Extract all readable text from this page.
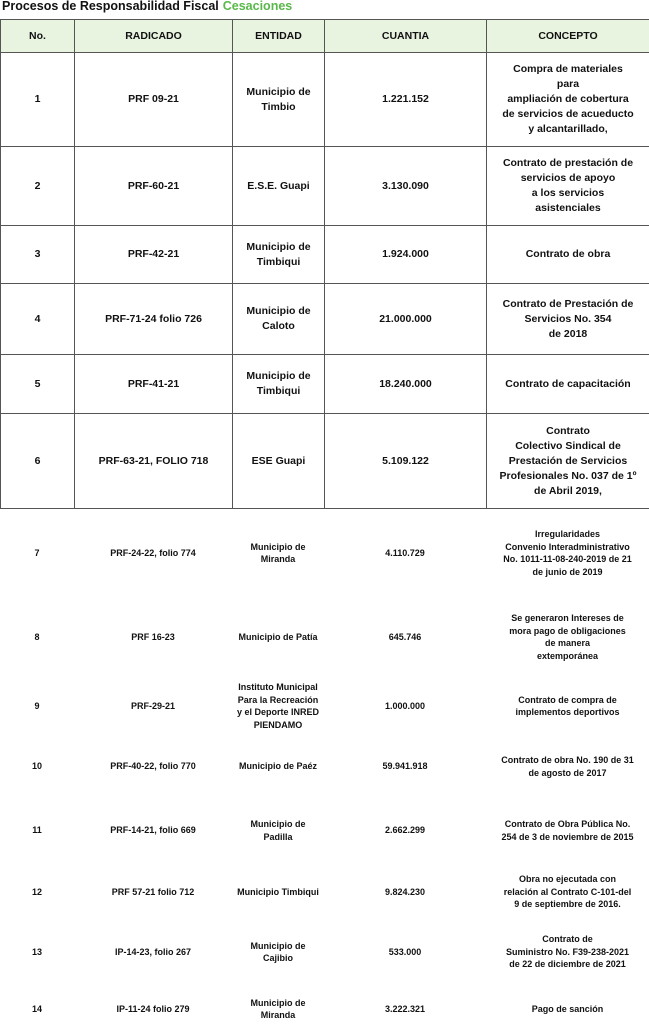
Procesos de Responsabilidad Fiscal Cesaciones
No.	RADICADO	ENTIDAD	CUANTIA	CONCEPTO
1	PRF 09-21	Municipio de Timbio	1.221.152	Compra de materiales
para
ampliación de cobertura
de servicios de acueducto
y alcantarillado,

2	PRF-60-21	E.S.E. Guapi	3.130.090	Contrato de prestación de
servicios de apoyo
a los servicios
asistenciales

3	PRF-42-21	Municipio de Timbiqui	1.924.000	Contrato de obra

4	PRF-71-24 folio 726	Municipio de Caloto	21.000.000	Contrato de Prestación de
Servicios No. 354
de 2018

5	PRF-41-21	Municipio de Timbiqui	18.240.000	Contrato de capacitación

6	PRF-63-21, FOLIO 718	ESE Guapi	5.109.122	Contrato
Colectivo Sindical de
Prestación de Servicios
Profesionales No. 037 de 1º
de Abril 2019,
7	PRF-24-22, folio 774	Municipio de Miranda	4.110.729	Irregularidades
Convenio Interadministrativo
No. 1011-11-08-240-2019 de 21
de junio de 2019

8	PRF 16-23	Municipio de Patía	645.746	Se generaron Intereses de
mora pago de obligaciones
de manera
extemporánea

9	PRF-29-21	Instituto Municipal Para la Recreación y el Deporte INRED PIENDAMO	1.000.000	Contrato de compra de
implementos deportivos

10	PRF-40-22, folio 770	Municipio de Paéz	59.941.918	Contrato de obra No. 190 de 31
de agosto de 2017

11	PRF-14-21, folio 669	Municipio de Padilla	2.662.299	Contrato de Obra Pública No.
254 de 3 de noviembre de 2015

12	PRF 57-21 folio 712	Municipio Timbiqui	9.824.230	Obra no ejecutada con
relación al Contrato C-101-del
9 de septiembre de 2016.

13	IP-14-23, folio 267	Municipio de Cajibio	533.000	Contrato de
Suministro No. F39-238-2021
de 22 de diciembre de 2021

14	IP-11-24 folio 279	Municipio de Miranda	3.222.321	Pago de sanción
